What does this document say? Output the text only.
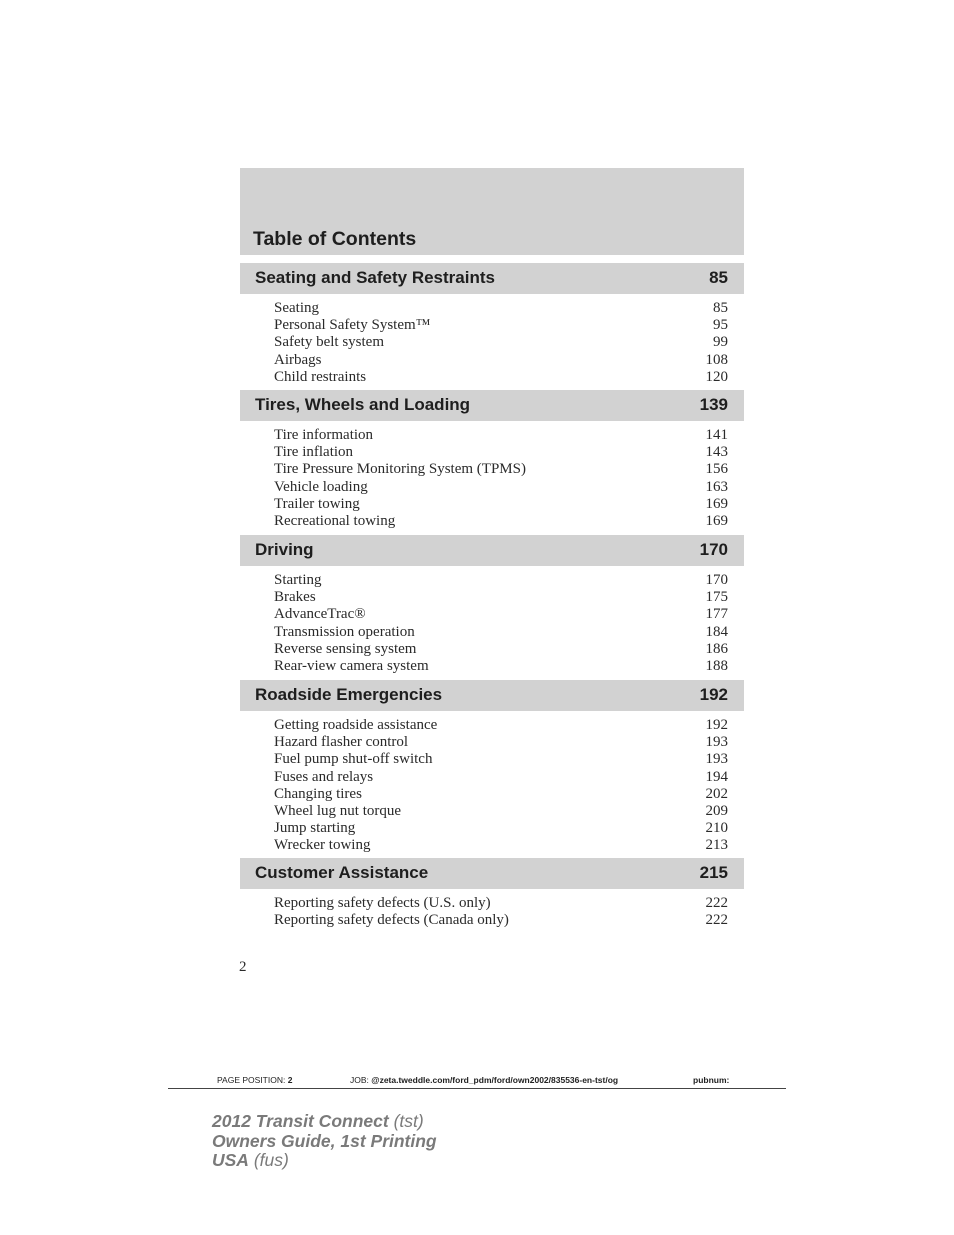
Table of Contents
Seating and Safety Restraints	85
Seating	85
Personal Safety System™	95
Safety belt system	99
Airbags	108
Child restraints	120
Tires, Wheels and Loading	139
Tire information	141
Tire inflation	143
Tire Pressure Monitoring System (TPMS)	156
Vehicle loading	163
Trailer towing	169
Recreational towing	169
Driving	170
Starting	170
Brakes	175
AdvanceTrac®	177
Transmission operation	184
Reverse sensing system	186
Rear-view camera system	188
Roadside Emergencies	192
Getting roadside assistance	192
Hazard flasher control	193
Fuel pump shut-off switch	193
Fuses and relays	194
Changing tires	202
Wheel lug nut torque	209
Jump starting	210
Wrecker towing	213
Customer Assistance	215
Reporting safety defects (U.S. only)	222
Reporting safety defects (Canada only)	222
2
PAGE POSITION: 2	JOB: @zeta.tweddle.com/ford_pdm/ford/own2002/835536-en-tst/og	pubnum:
2012 Transit Connect (tst)
Owners Guide, 1st Printing
USA (fus)
